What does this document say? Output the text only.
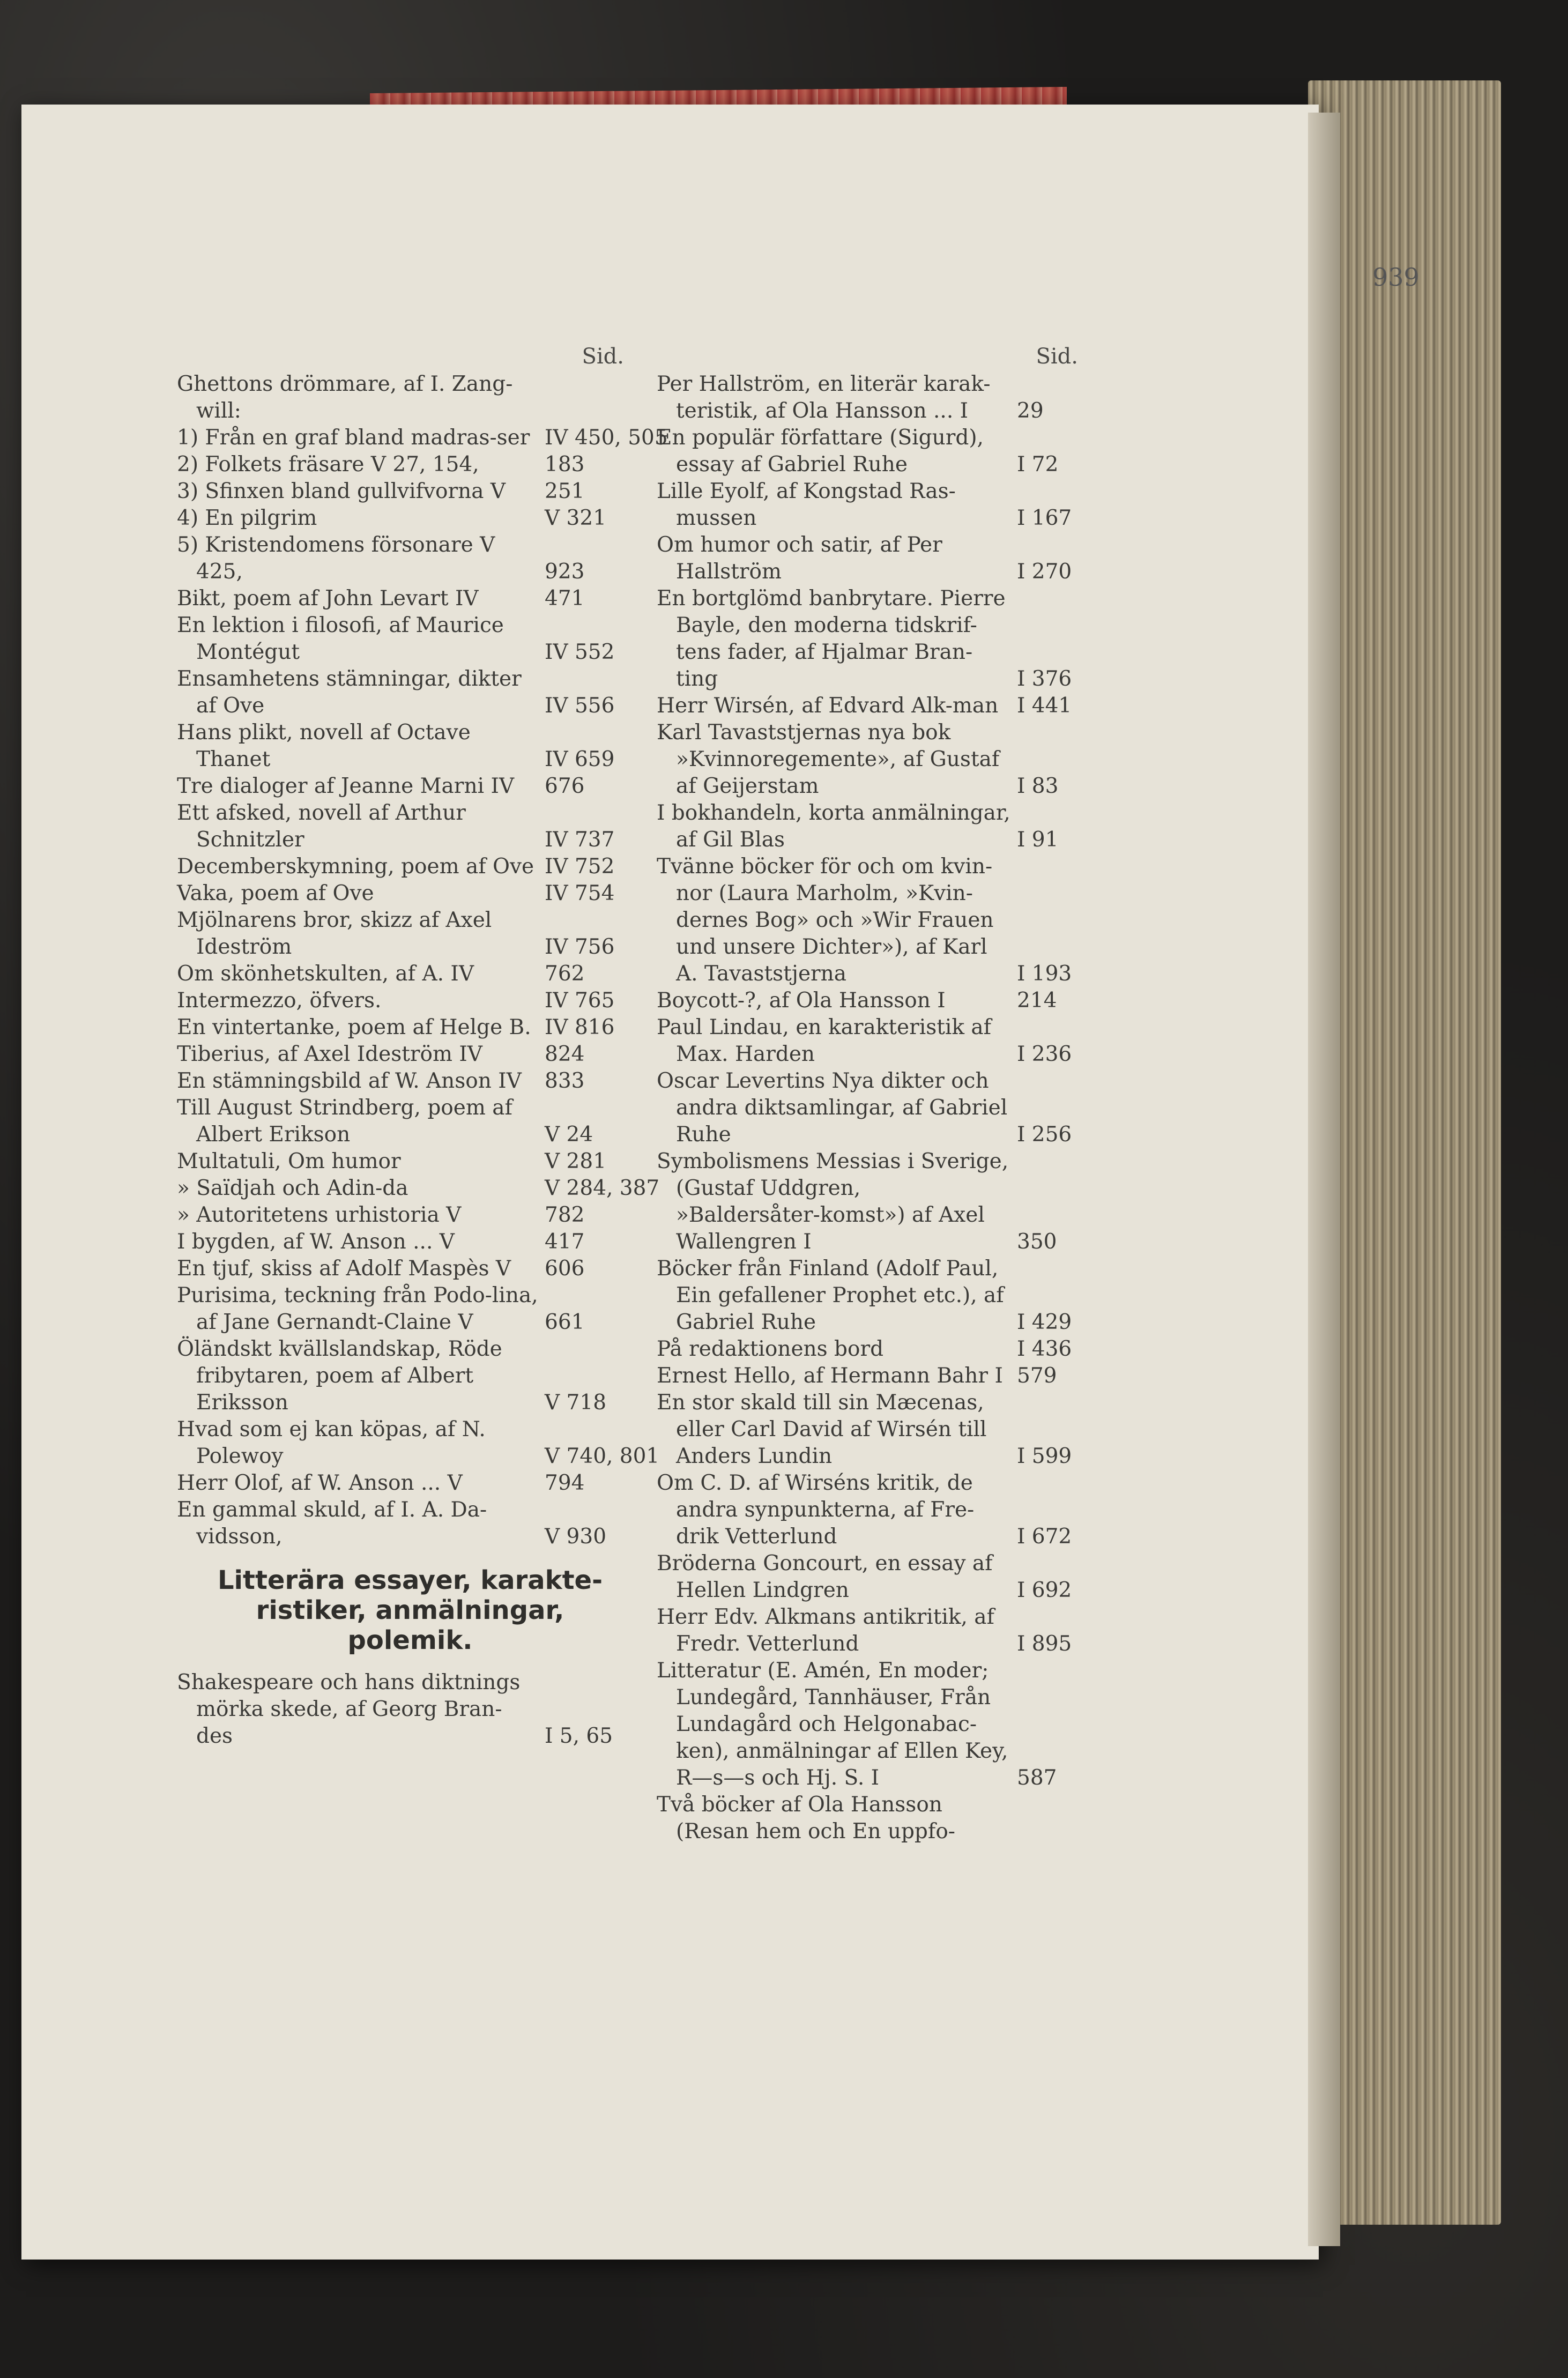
939
Sid.
Ghettons drömmare, af I. Zang-will:
1) Från en graf bland madras-ser IV 450, 505
2) Folkets fräsare V 27, 154,	183
3) Sfinxen bland gullvifvorna V	251
4) En pilgrim	V 321
5) Kristendomens försonare V 425,	923
Bikt, poem af John Levart IV	471
En lektion i filosofi, af Maurice Montégut	IV 552
Ensamhetens stämningar, dikter af Ove	IV 556
Hans plikt, novell af Octave Thanet	IV 659
Tre dialoger af Jeanne Marni IV	676
Ett afsked, novell af Arthur Schnitzler	IV 737
Decemberskymning, poem af Ove IV 752
Vaka, poem af Ove	IV 754
Mjölnarens bror, skizz af Axel Ideström	IV 756
Om skönhetskulten, af A. IV	762
Intermezzo, öfvers.	IV 765
En vintertanke, poem af Helge B. IV 816
Tiberius, af Axel Ideström IV	824
En stämningsbild af W. Anson IV	833
Till August Strindberg, poem af Albert Erikson	V 24
Multatuli, Om humor	V 281
» Saïdjah och Adin-da	V 284, 387
» Autoritetens urhistoria V	782
I bygden, af W. Anson ... V	417
En tjuf, skiss af Adolf Maspès V	606
Purisima, teckning från Podo-lina, af Jane Gernandt-Claine V	661
Öländskt kvällslandskap, Röde fribytaren, poem af Albert Eriksson	V 718
Hvad som ej kan köpas, af N. Polewoy	V 740, 801
Herr Olof, af W. Anson ... V	794
En gammal skuld, af I. A. Da-vidsson,	V 930
Litterära essayer, karakte-ristiker, anmälningar, polemik.
Shakespeare och hans diktnings mörka skede, af Georg Bran-des	I 5, 65
Sid.
Per Hallström, en literär karak-teristik, af Ola Hansson ... I	29
En populär författare (Sigurd), essay af Gabriel Ruhe	I 72
Lille Eyolf, af Kongstad Ras-mussen	I 167
Om humor och satir, af Per Hallström	I 270
En bortglömd banbrytare. Pierre Bayle, den moderna tidskrif-tens fader, af Hjalmar Bran-ting	I 376
Herr Wirsén, af Edvard Alk-man I 441
Karl Tavaststjernas nya bok »Kvinnoregemente», af Gustaf af Geijerstam	I 83
I bokhandeln, korta anmälningar, af Gil Blas	I 91
Tvänne böcker för och om kvin-nor (Laura Marholm, »Kvin-dernes Bog» och »Wir Frauen und unsere Dichter»), af Karl A. Tavaststjerna	I 193
Boycott-?, af Ola Hansson I	214
Paul Lindau, en karakteristik af Max. Harden	I 236
Oscar Levertins Nya dikter och andra diktsamlingar, af Gabriel Ruhe	I 256
Symbolismens Messias i Sverige, (Gustaf Uddgren, »Baldersåter-komst») af Axel Wallengren I	350
Böcker från Finland (Adolf Paul, Ein gefallener Prophet etc.), af Gabriel Ruhe	I 429
På redaktionens bord	I 436
Ernest Hello, af Hermann Bahr I 579
En stor skald till sin Mæcenas, eller Carl David af Wirsén till Anders Lundin	I 599
Om C. D. af Wirséns kritik, de andra synpunkterna, af Fre-drik Vetterlund	I 672
Bröderna Goncourt, en essay af Hellen Lindgren	I 692
Herr Edv. Alkmans antikritik, af Fredr. Vetterlund	I 895
Litteratur (E. Amén, En moder; Lundegård, Tannhäuser, Från Lundagård och Helgonabac-ken), anmälningar af Ellen Key, R—s—s och Hj. S. I	587
Två böcker af Ola Hansson (Resan hem och En uppfo-
